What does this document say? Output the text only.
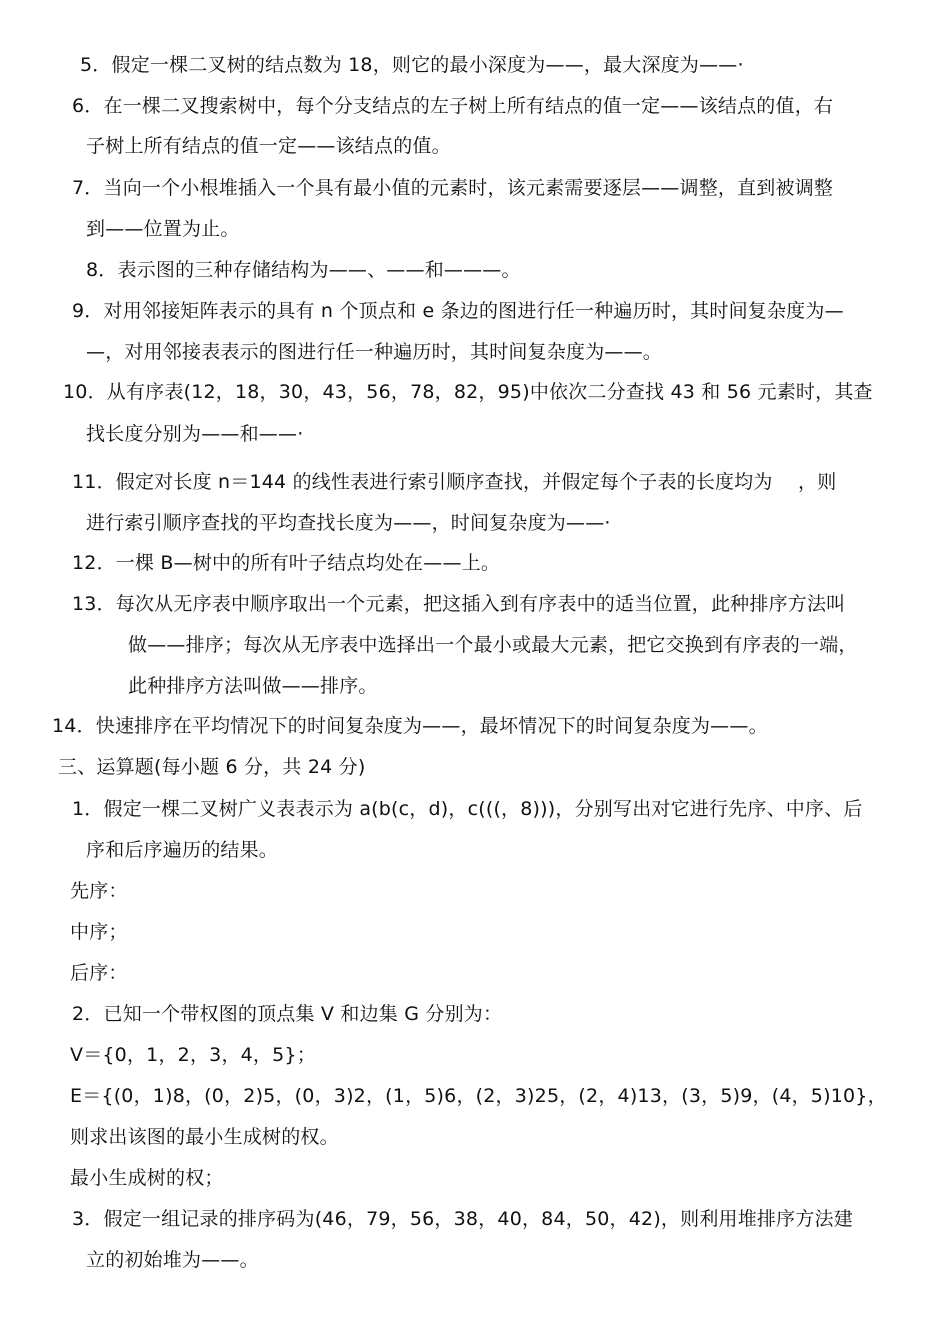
5．假定一棵二叉树的结点数为 18，则它的最小深度为——，最大深度为——·
6．在一棵二叉搜索树中，每个分支结点的左子树上所有结点的值一定——该结点的值，右
子树上所有结点的值一定——该结点的值。
7．当向一个小根堆插入一个具有最小值的元素时，该元素需要逐层——调整，直到被调整
到——位置为止。
8．表示图的三种存储结构为——、——和———。
9．对用邻接矩阵表示的具有 n 个顶点和 e 条边的图进行任一种遍历时，其时间复杂度为—
—，对用邻接表表示的图进行任一种遍历时，其时间复杂度为——。
10．从有序表(12，18，30，43，56，78，82，95)中依次二分查找 43 和 56 元素时，其查
找长度分别为——和——·
11．假定对长度 n＝144 的线性表进行索引顺序查找，并假定每个子表的长度均为　 ，则
进行索引顺序查找的平均查找长度为——，时间复杂度为——·
12．一棵 B—树中的所有叶子结点均处在——上。
13．每次从无序表中顺序取出一个元素，把这插入到有序表中的适当位置，此种排序方法叫
做——排序；每次从无序表中选择出一个最小或最大元素，把它交换到有序表的一端，
此种排序方法叫做——排序。
14．快速排序在平均情况下的时间复杂度为——，最坏情况下的时间复杂度为——。
三、运算题(每小题 6 分，共 24 分)
1．假定一棵二叉树广义表表示为 a(b(c，d)，c(((，8)))，分别写出对它进行先序、中序、后
序和后序遍历的结果。
先序：
中序；
后序：
2．已知一个带权图的顶点集 V 和边集 G 分别为：
V＝{0，1，2，3，4，5}；
E＝{(0，1)8，(0，2)5，(0，3)2，(1，5)6，(2，3)25，(2，4)13，(3，5)9，(4，5)10}，
则求出该图的最小生成树的权。
最小生成树的权；
3．假定一组记录的排序码为(46，79，56，38，40，84，50，42)，则利用堆排序方法建
立的初始堆为——。
